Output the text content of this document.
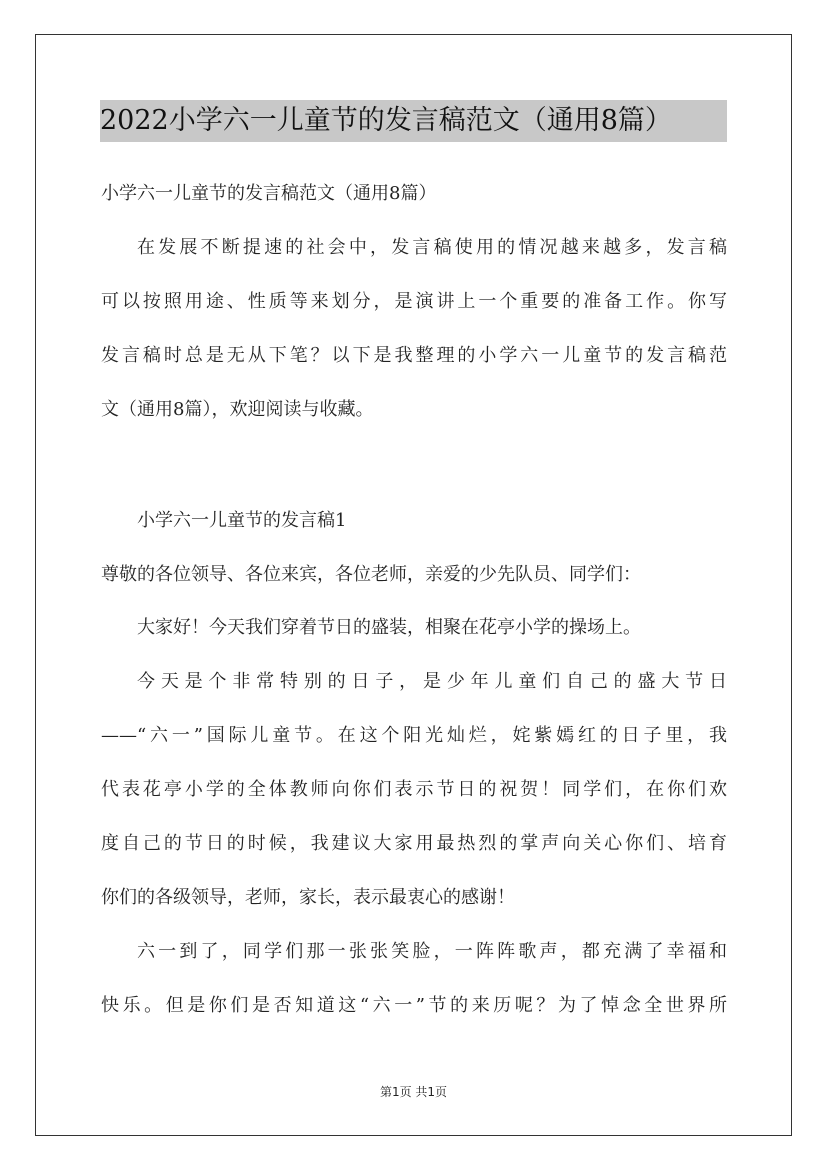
2022小学六一儿童节的发言稿范文（通用8篇）

小学六一儿童节的发言稿范文（通用8篇）

在发展不断提速的社会中，发言稿使用的情况越来越多，发言稿
可以按照用途、性质等来划分，是演讲上一个重要的准备工作。你写
发言稿时总是无从下笔？以下是我整理的小学六一儿童节的发言稿范
文（通用8篇），欢迎阅读与收藏。

小学六一儿童节的发言稿1

尊敬的各位领导、各位来宾，各位老师，亲爱的少先队员、同学们：

大家好！今天我们穿着节日的盛装，相聚在花亭小学的操场上。

今天是个非常特别的日子，是少年儿童们自己的盛大节日
——“六一”国际儿童节。在这个阳光灿烂，姹紫嫣红的日子里，我
代表花亭小学的全体教师向你们表示节日的祝贺！同学们，在你们欢
度自己的节日的时候，我建议大家用最热烈的掌声向关心你们、培育
你们的各级领导，老师，家长，表示最衷心的感谢！
六一到了，同学们那一张张笑脸，一阵阵歌声，都充满了幸福和
快乐。但是你们是否知道这“六一”节的来历呢？为了悼念全世界所
第1页 共1页
